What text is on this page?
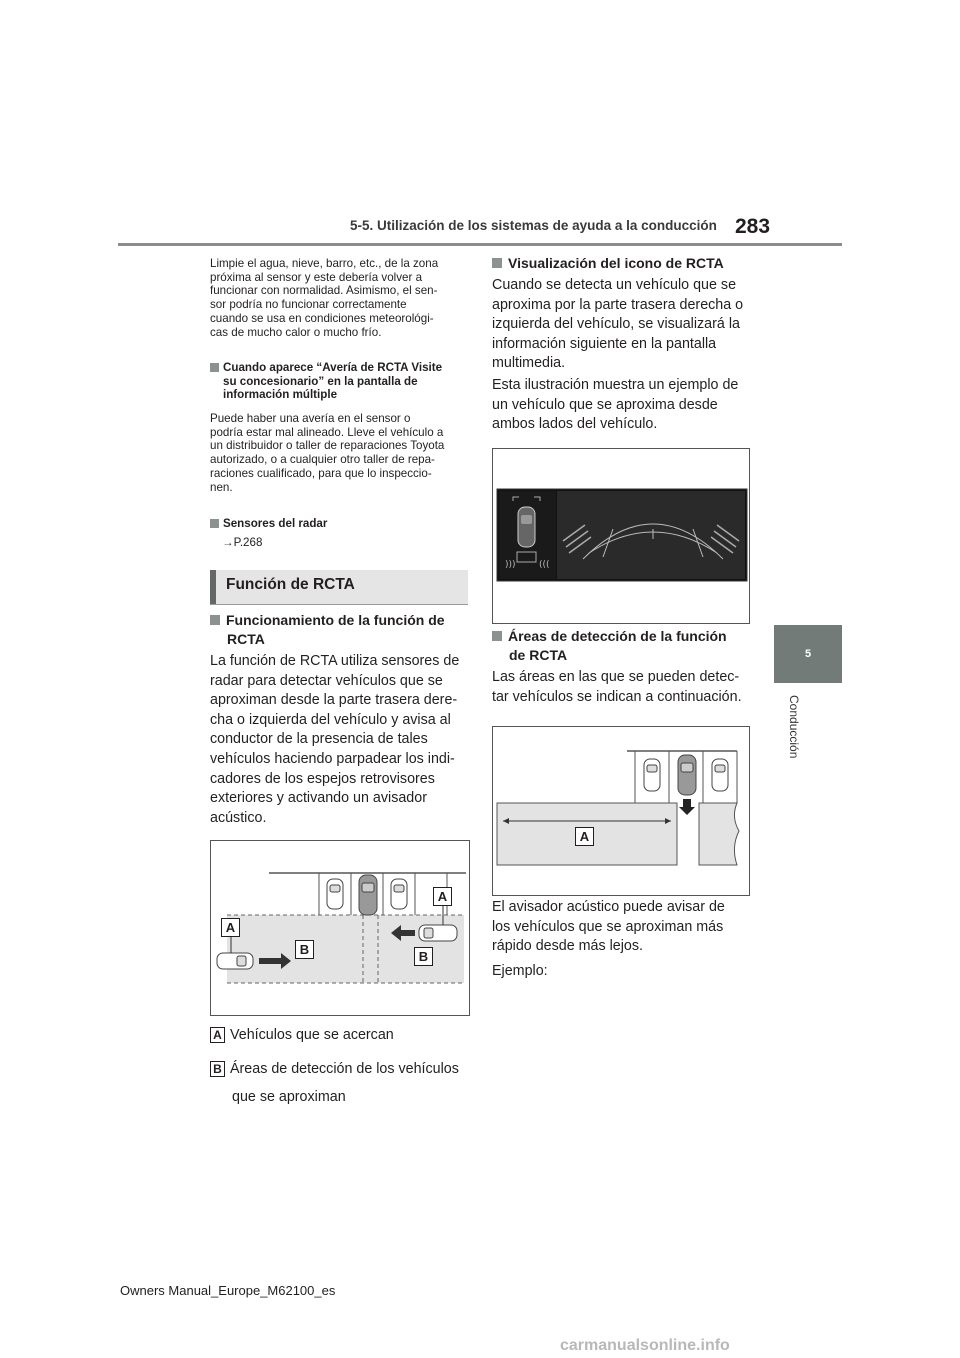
5-5. Utilización de los sistemas de ayuda a la conducción 283
5
Conducción
Limpie el agua, nieve, barro, etc., de la zona
próxima al sensor y este debería volver a
funcionar con normalidad. Asimismo, el sen-
sor podría no funcionar correctamente
cuando se usa en condiciones meteorológi-
cas de mucho calor o mucho frío.
Cuando aparece “Avería de RCTA Visite
su concesionario” en la pantalla de
información múltiple
Puede haber una avería en el sensor o
podría estar mal alineado. Lleve el vehículo a
un distribuidor o taller de reparaciones Toyota
autorizado, o a cualquier otro taller de repa-
raciones cualificado, para que lo inspeccio-
nen.
Sensores del radar
→P.268
Función de RCTA
Funcionamiento de la función de
RCTA
La función de RCTA utiliza sensores de
radar para detectar vehículos que se
aproximan desde la parte trasera dere-
cha o izquierda del vehículo y avisa al
conductor de la presencia de tales
vehículos haciendo parpadear los indi-
cadores de los espejos retrovisores
exteriores y activando un avisador
acústico.
A
A
B	B
A Vehículos que se acercan
B Áreas de detección de los vehículos
que se aproximan
Visualización del icono de RCTA
Cuando se detecta un vehículo que se
aproxima por la parte trasera derecha o
izquierda del vehículo, se visualizará la
información siguiente en la pantalla
multimedia.
Esta ilustración muestra un ejemplo de
un vehículo que se aproxima desde
ambos lados del vehículo.
)))	(((
Áreas de detección de la función
de RCTA
Las áreas en las que se pueden detec-
tar vehículos se indican a continuación.
A
El avisador acústico puede avisar de
los vehículos que se aproximan más
rápido desde más lejos.
Ejemplo:
Owners Manual_Europe_M62100_es
carmanualsonline.info
